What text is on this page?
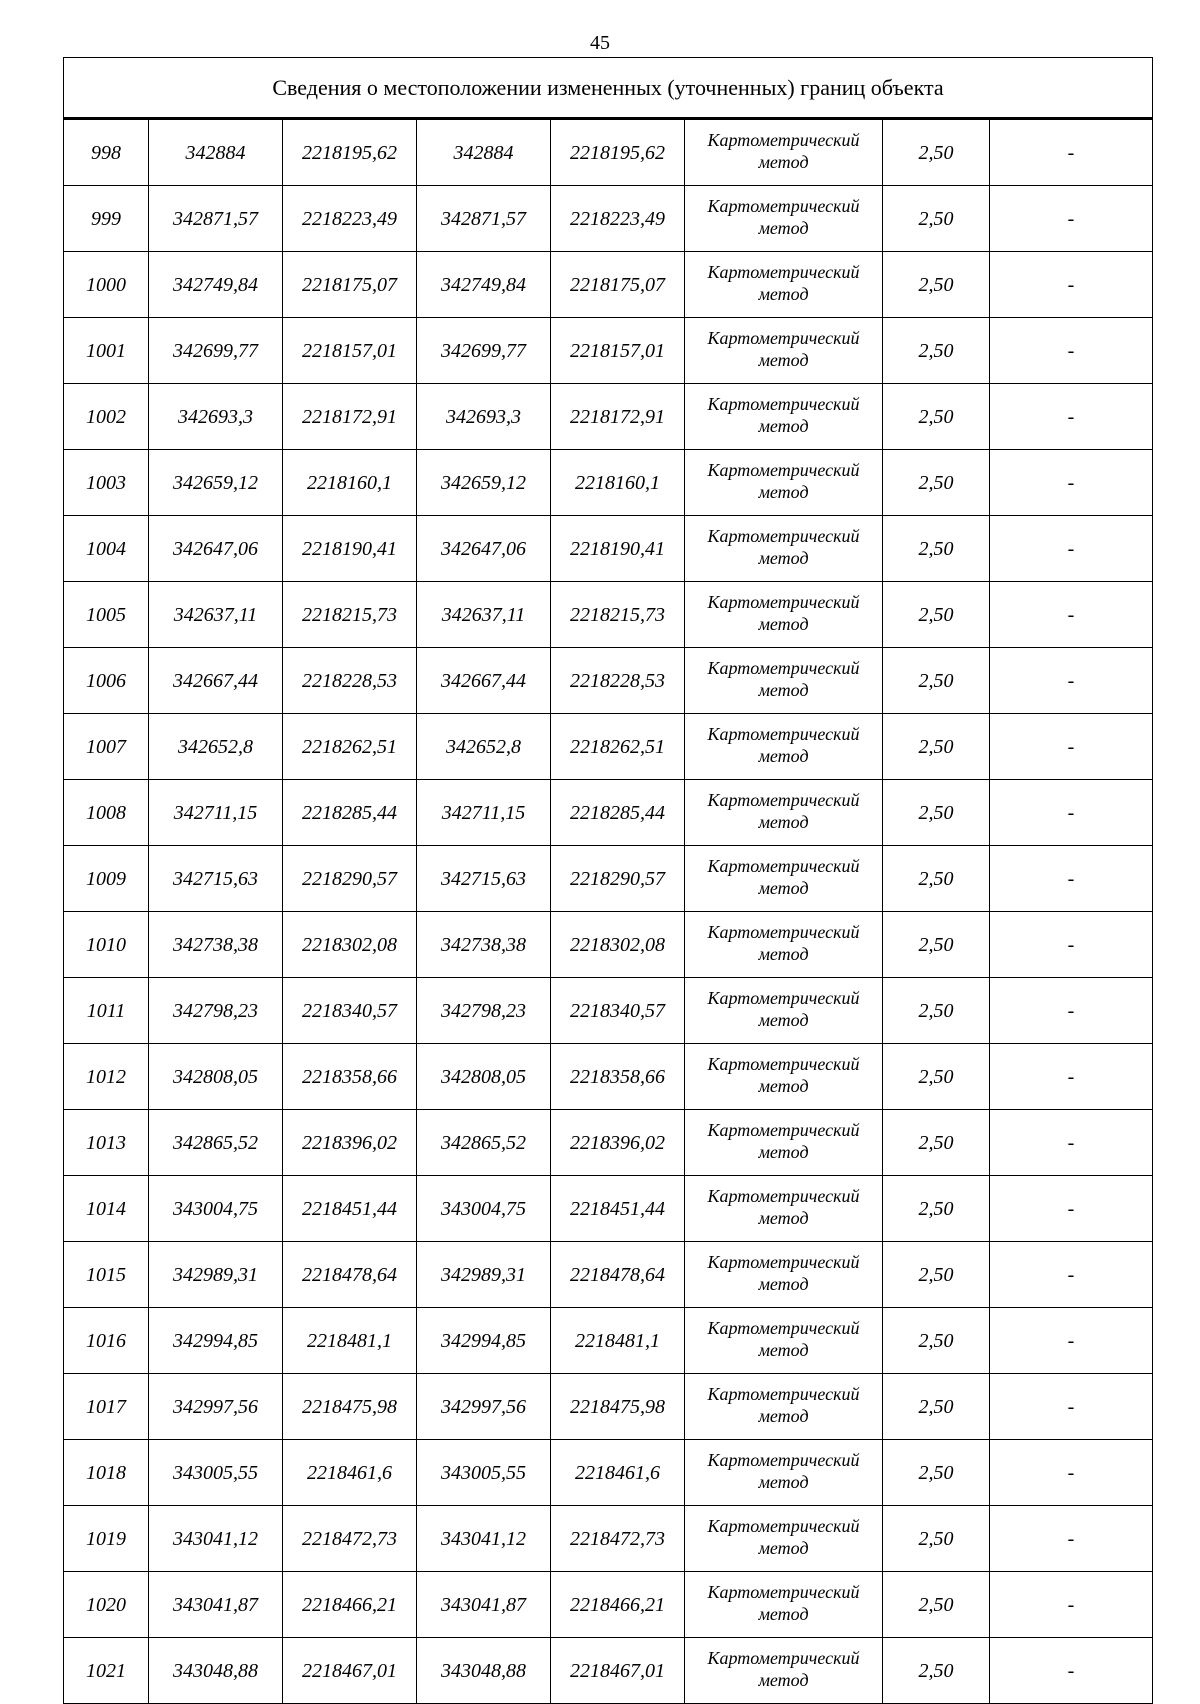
45
Сведения о местоположении измененных (уточненных) границ объекта							
998	342884	2218195,62	342884	2218195,62	Картометрический метод	2,50	-
999	342871,57	2218223,49	342871,57	2218223,49	Картометрический метод	2,50	-
1000	342749,84	2218175,07	342749,84	2218175,07	Картометрический метод	2,50	-
1001	342699,77	2218157,01	342699,77	2218157,01	Картометрический метод	2,50	-
1002	342693,3	2218172,91	342693,3	2218172,91	Картометрический метод	2,50	-
1003	342659,12	2218160,1	342659,12	2218160,1	Картометрический метод	2,50	-
1004	342647,06	2218190,41	342647,06	2218190,41	Картометрический метод	2,50	-
1005	342637,11	2218215,73	342637,11	2218215,73	Картометрический метод	2,50	-
1006	342667,44	2218228,53	342667,44	2218228,53	Картометрический метод	2,50	-
1007	342652,8	2218262,51	342652,8	2218262,51	Картометрический метод	2,50	-
1008	342711,15	2218285,44	342711,15	2218285,44	Картометрический метод	2,50	-
1009	342715,63	2218290,57	342715,63	2218290,57	Картометрический метод	2,50	-
1010	342738,38	2218302,08	342738,38	2218302,08	Картометрический метод	2,50	-
1011	342798,23	2218340,57	342798,23	2218340,57	Картометрический метод	2,50	-
1012	342808,05	2218358,66	342808,05	2218358,66	Картометрический метод	2,50	-
1013	342865,52	2218396,02	342865,52	2218396,02	Картометрический метод	2,50	-
1014	343004,75	2218451,44	343004,75	2218451,44	Картометрический метод	2,50	-
1015	342989,31	2218478,64	342989,31	2218478,64	Картометрический метод	2,50	-
1016	342994,85	2218481,1	342994,85	2218481,1	Картометрический метод	2,50	-
1017	342997,56	2218475,98	342997,56	2218475,98	Картометрический метод	2,50	-
1018	343005,55	2218461,6	343005,55	2218461,6	Картометрический метод	2,50	-
1019	343041,12	2218472,73	343041,12	2218472,73	Картометрический метод	2,50	-
1020	343041,87	2218466,21	343041,87	2218466,21	Картометрический метод	2,50	-
1021	343048,88	2218467,01	343048,88	2218467,01	Картометрический метод	2,50	-
